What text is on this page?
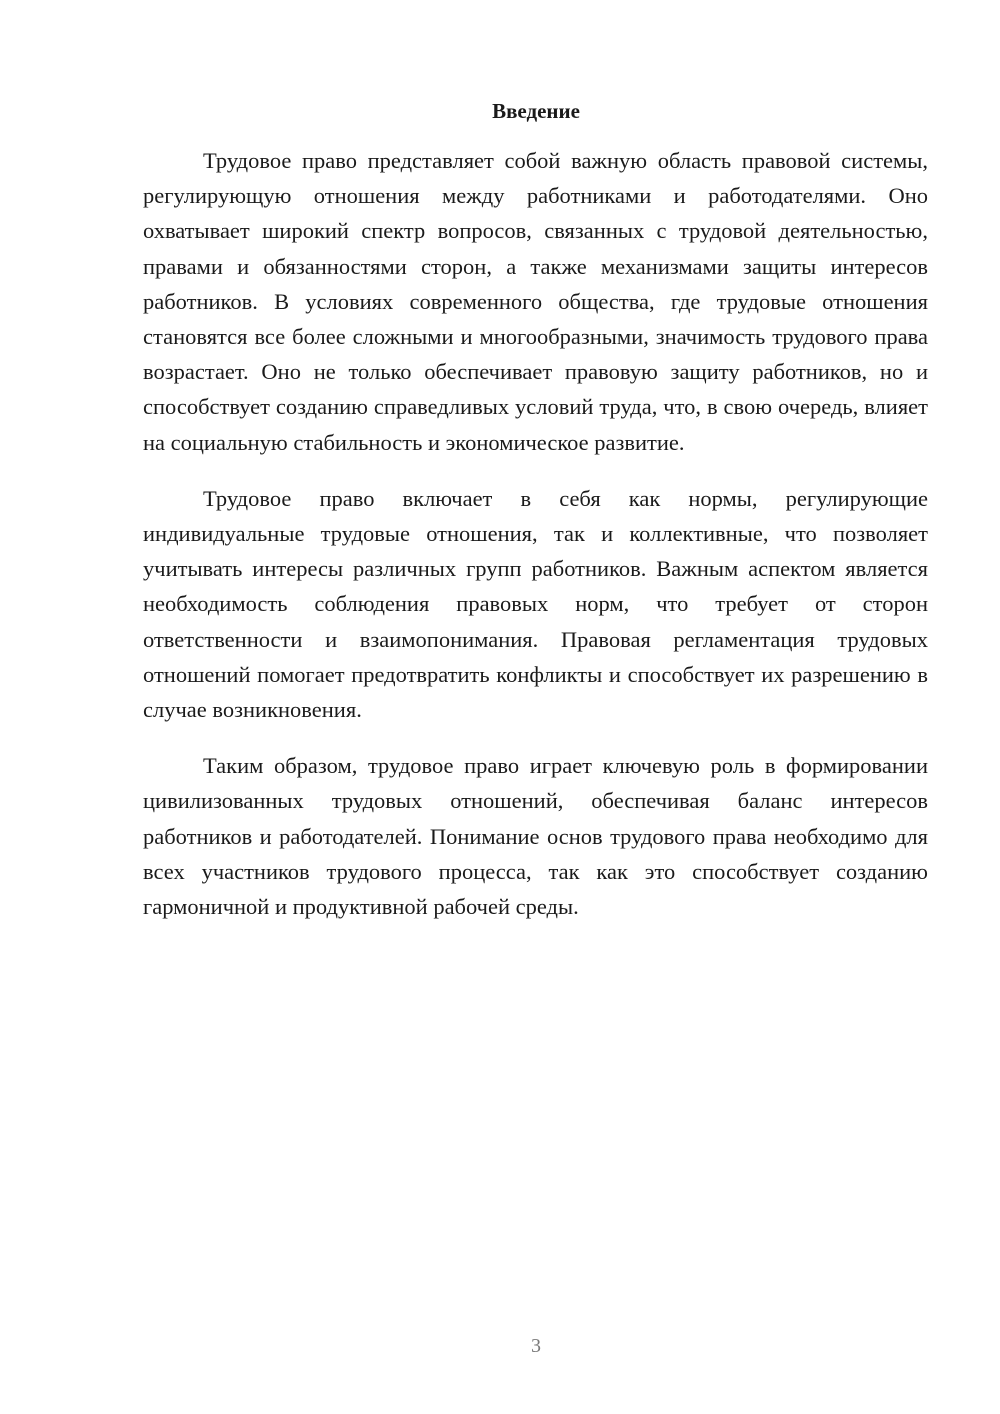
Введение

Трудовое право представляет собой важную область правовой системы, регулирующую отношения между работниками и работодателями. Оно охватывает широкий спектр вопросов, связанных с трудовой деятельностью, правами и обязанностями сторон, а также механизмами защиты интересов работников. В условиях современного общества, где трудовые отношения становятся все более сложными и многообразными, значимость трудового права возрастает. Оно не только обеспечивает правовую защиту работников, но и способствует созданию справедливых условий труда, что, в свою очередь, влияет на социальную стабильность и экономическое развитие.

Трудовое право включает в себя как нормы, регулирующие индивидуальные трудовые отношения, так и коллективные, что позволяет учитывать интересы различных групп работников. Важным аспектом является необходимость соблюдения правовых норм, что требует от сторон ответственности и взаимопонимания. Правовая регламентация трудовых отношений помогает предотвратить конфликты и способствует их разрешению в случае возникновения.

Таким образом, трудовое право играет ключевую роль в формировании цивилизованных трудовых отношений, обеспечивая баланс интересов работников и работодателей. Понимание основ трудового права необходимо для всех участников трудового процесса, так как это способствует созданию гармоничной и продуктивной рабочей среды.

3
